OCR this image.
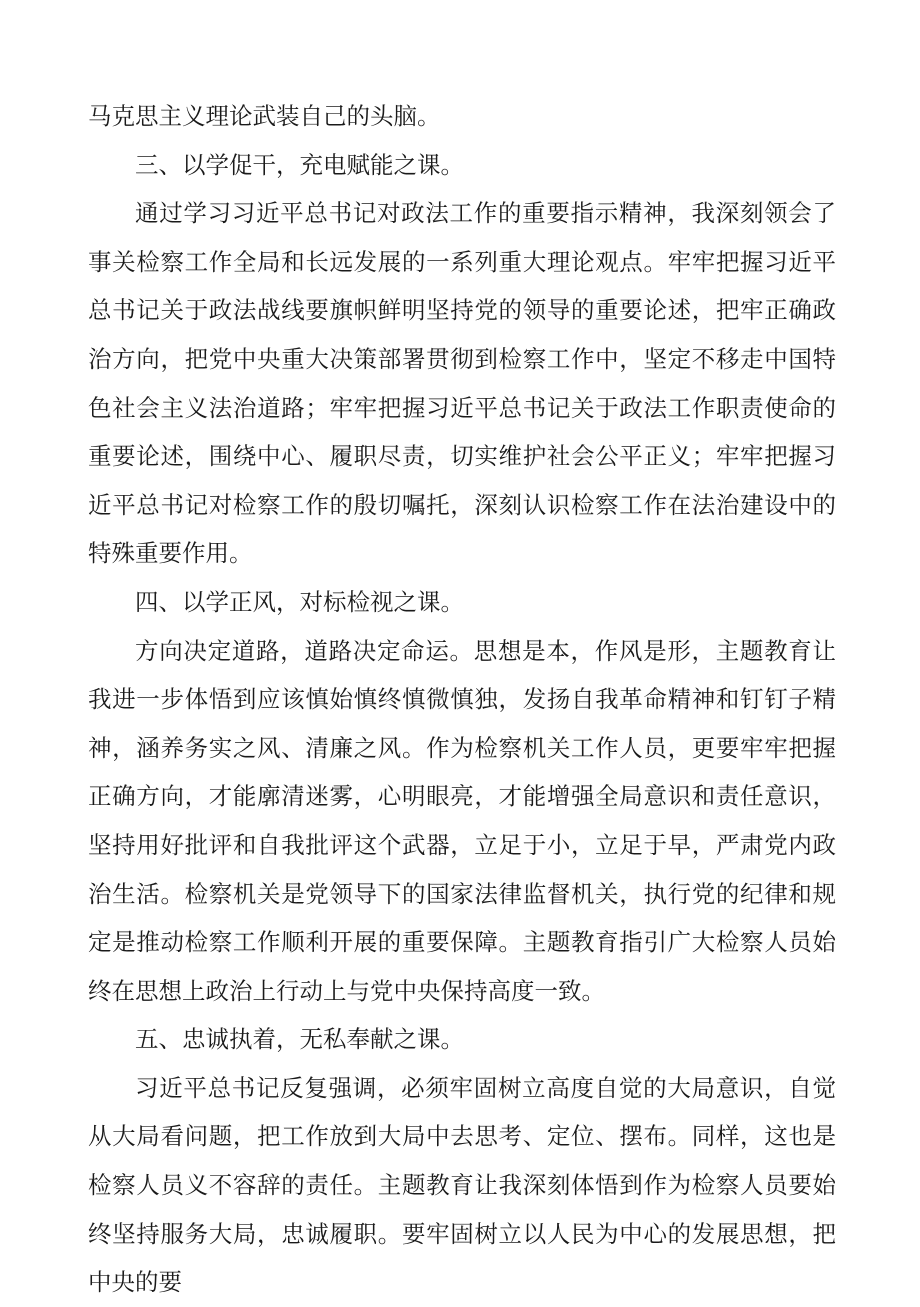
马克思主义理论武装自己的头脑。

三、以学促干，充电赋能之课。

通过学习习近平总书记对政法工作的重要指示精神，我深刻领会了事关检察工作全局和长远发展的一系列重大理论观点。牢牢把握习近平总书记关于政法战线要旗帜鲜明坚持党的领导的重要论述，把牢正确政治方向，把党中央重大决策部署贯彻到检察工作中，坚定不移走中国特色社会主义法治道路；牢牢把握习近平总书记关于政法工作职责使命的重要论述，围绕中心、履职尽责，切实维护社会公平正义；牢牢把握习近平总书记对检察工作的殷切嘱托，深刻认识检察工作在法治建设中的特殊重要作用。

四、以学正风，对标检视之课。

方向决定道路，道路决定命运。思想是本，作风是形，主题教育让我进一步体悟到应该慎始慎终慎微慎独，发扬自我革命精神和钉钉子精神，涵养务实之风、清廉之风。作为检察机关工作人员，更要牢牢把握正确方向，才能廓清迷雾，心明眼亮，才能增强全局意识和责任意识，坚持用好批评和自我批评这个武器，立足于小，立足于早，严肃党内政治生活。检察机关是党领导下的国家法律监督机关，执行党的纪律和规定是推动检察工作顺利开展的重要保障。主题教育指引广大检察人员始终在思想上政治上行动上与党中央保持高度一致。

五、忠诚执着，无私奉献之课。

习近平总书记反复强调，必须牢固树立高度自觉的大局意识，自觉从大局看问题，把工作放到大局中去思考、定位、摆布。同样，这也是检察人员义不容辞的责任。主题教育让我深刻体悟到作为检察人员要始终坚持服务大局，忠诚履职。要牢固树立以人民为中心的发展思想，把中央的要
